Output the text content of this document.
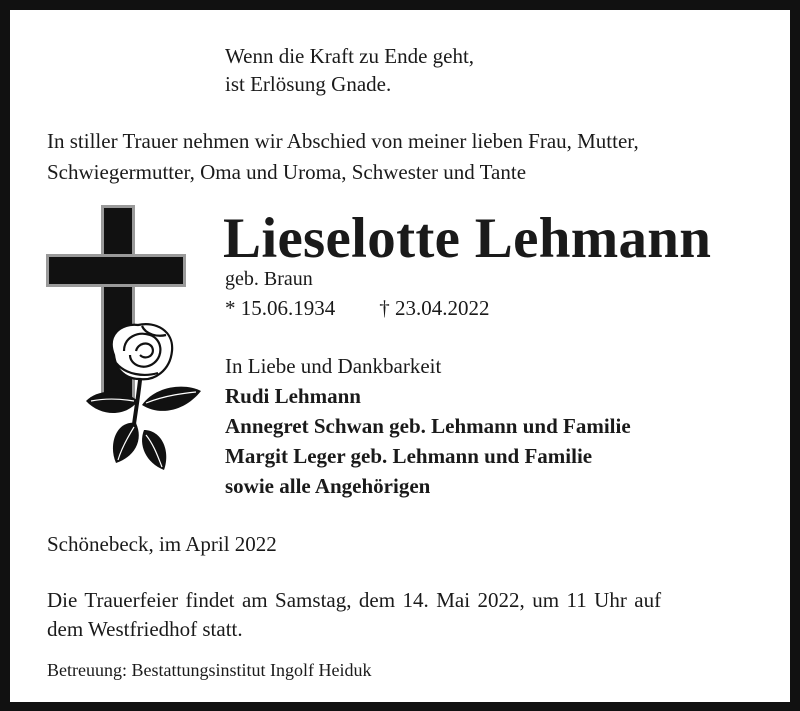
Wenn die Kraft zu Ende geht,
ist Erlösung Gnade.
In stiller Trauer nehmen wir Abschied von meiner lieben Frau, Mutter,
Schwiegermutter, Oma und Uroma, Schwester und Tante
Lieselotte Lehmann
geb. Braun
* 15.06.1934 † 23.04.2022
In Liebe und Dankbarkeit
Rudi Lehmann
Annegret Schwan geb. Lehmann und Familie
Margit Leger geb. Lehmann und Familie
sowie alle Angehörigen
Schönebeck, im April 2022
Die Trauerfeier findet am Samstag, dem 14. Mai 2022, um 11 Uhr auf
dem Westfriedhof statt.
Betreuung: Bestattungsinstitut Ingolf Heiduk
